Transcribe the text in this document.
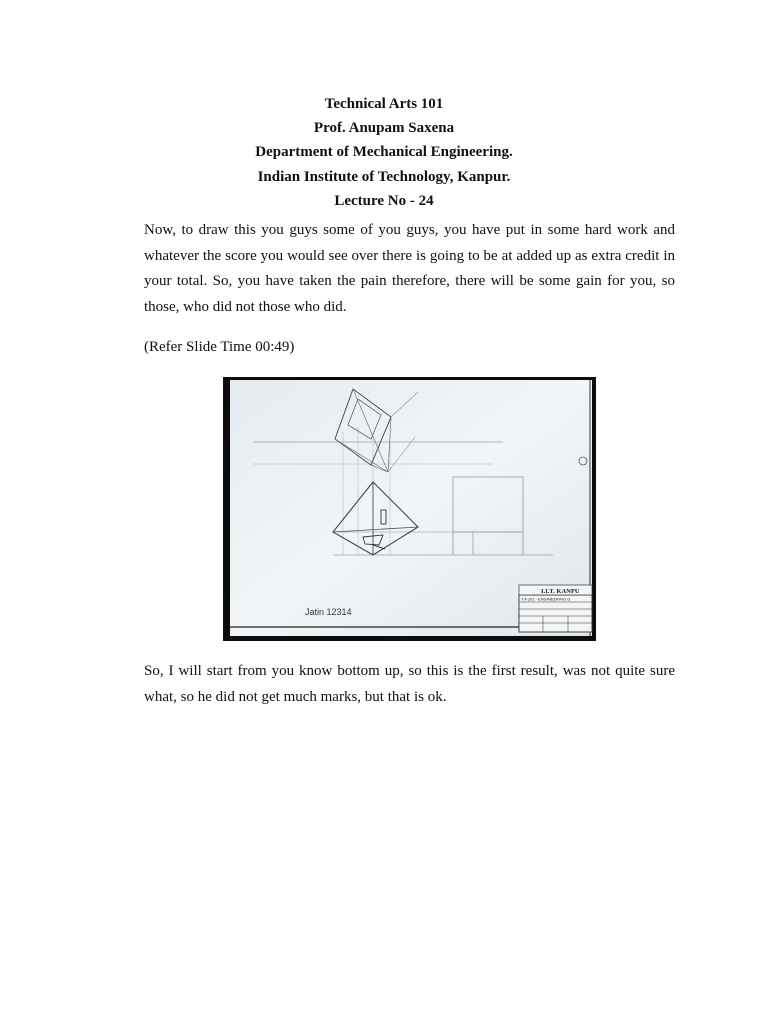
Technical Arts 101
Prof. Anupam Saxena
Department of Mechanical Engineering.
Indian Institute of Technology, Kanpur.
Lecture No - 24

Now, to draw this you guys some of you guys, you have put in some hard work and whatever the score you would see over there is going to be at added up as extra credit in your total. So, you have taken the pain therefore, there will be some gain for you, so those, who did not those who did.

(Refer Slide Time 00:49)

Jatin 12314
I.I.T. KANPU
T A 101 - ENGINEERING G

So, I will start from you know bottom up, so this is the first result, was not quite sure what, so he did not get much marks, but that is ok.
